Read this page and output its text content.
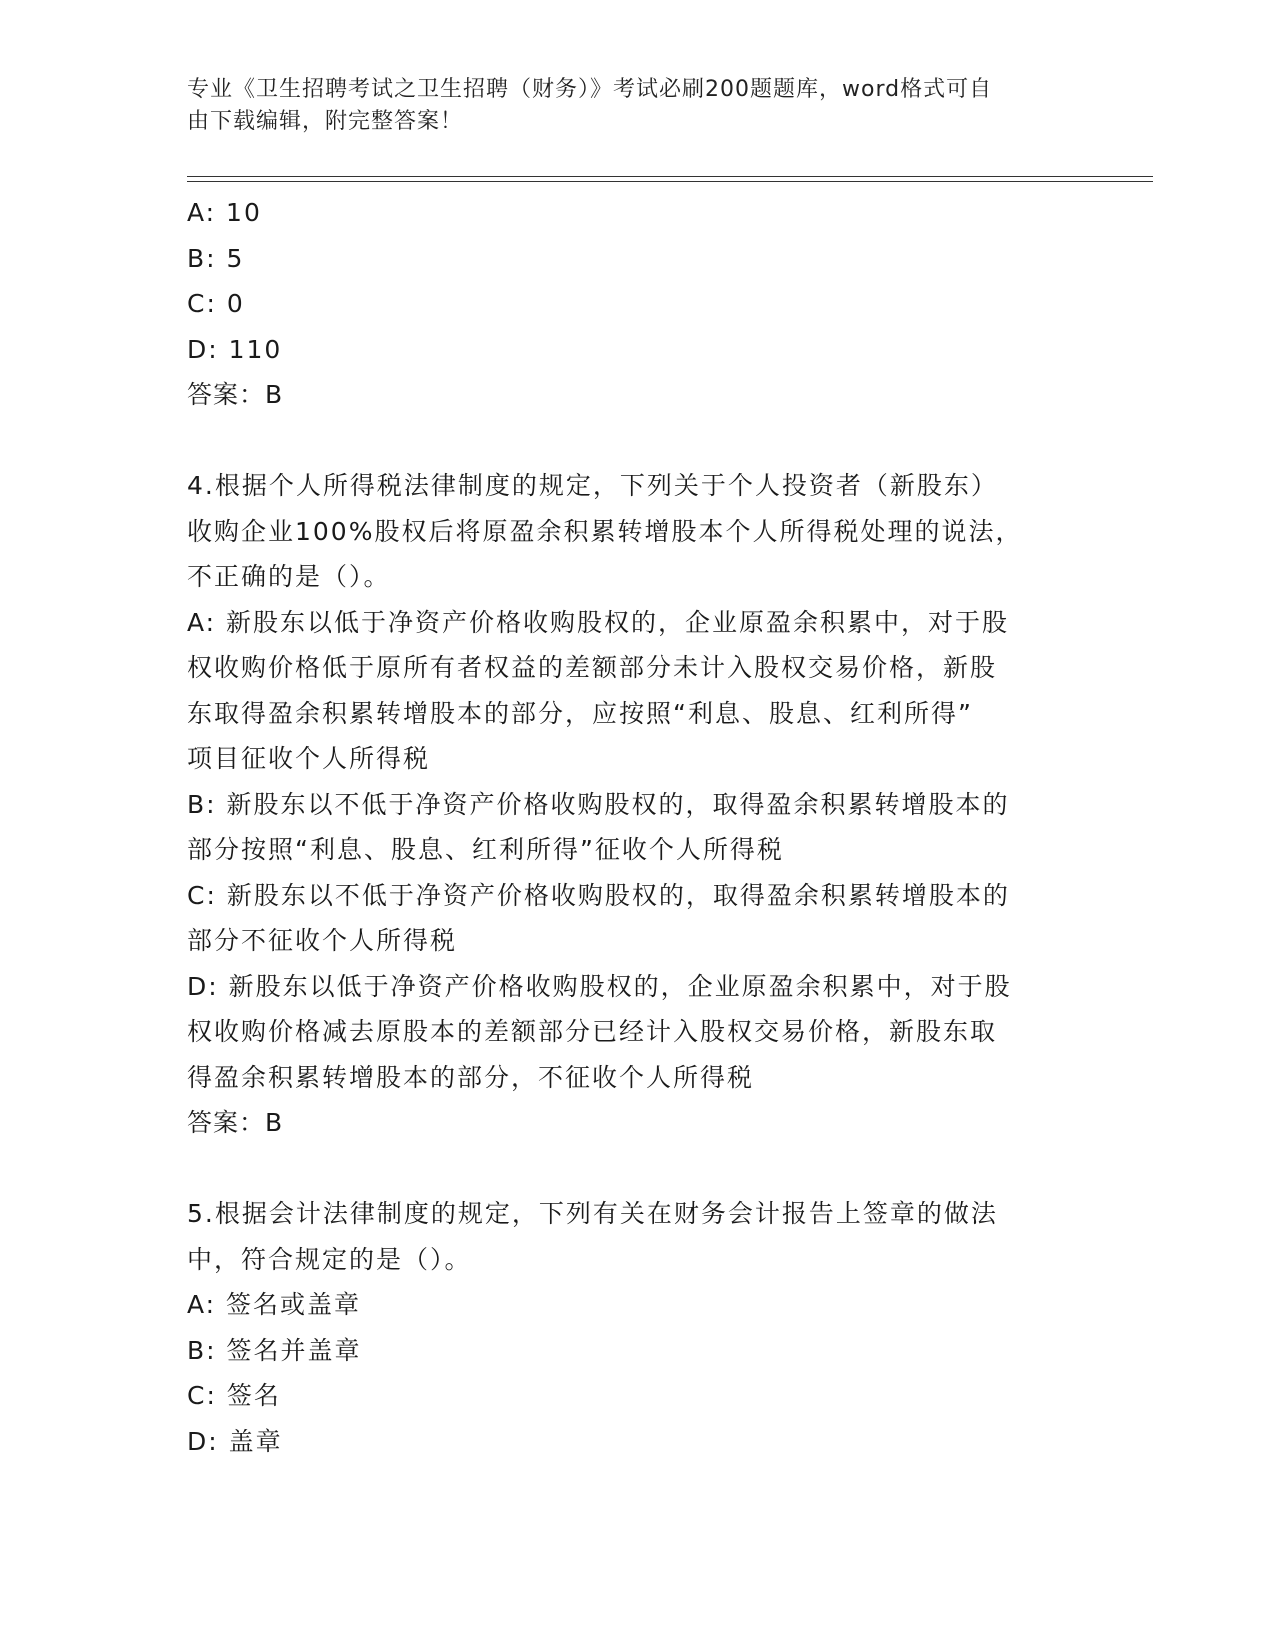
专业《卫生招聘考试之卫生招聘（财务）》考试必刷200题题库，word格式可自
由下载编辑，附完整答案！
A: 10
B: 5
C: 0
D: 110
答案：B
4.根据个人所得税法律制度的规定，下列关于个人投资者（新股东）
收购企业100%股权后将原盈余积累转增股本个人所得税处理的说法，
不正确的是（）。
A: 新股东以低于净资产价格收购股权的，企业原盈余积累中，对于股
权收购价格低于原所有者权益的差额部分未计入股权交易价格，新股
东取得盈余积累转增股本的部分，应按照“利息、股息、红利所得”
项目征收个人所得税
B: 新股东以不低于净资产价格收购股权的，取得盈余积累转增股本的
部分按照“利息、股息、红利所得”征收个人所得税
C: 新股东以不低于净资产价格收购股权的，取得盈余积累转增股本的
部分不征收个人所得税
D: 新股东以低于净资产价格收购股权的，企业原盈余积累中，对于股
权收购价格减去原股本的差额部分已经计入股权交易价格，新股东取
得盈余积累转增股本的部分，不征收个人所得税
答案：B
5.根据会计法律制度的规定，下列有关在财务会计报告上签章的做法
中，符合规定的是（）。
A: 签名或盖章
B: 签名并盖章
C: 签名
D: 盖章
